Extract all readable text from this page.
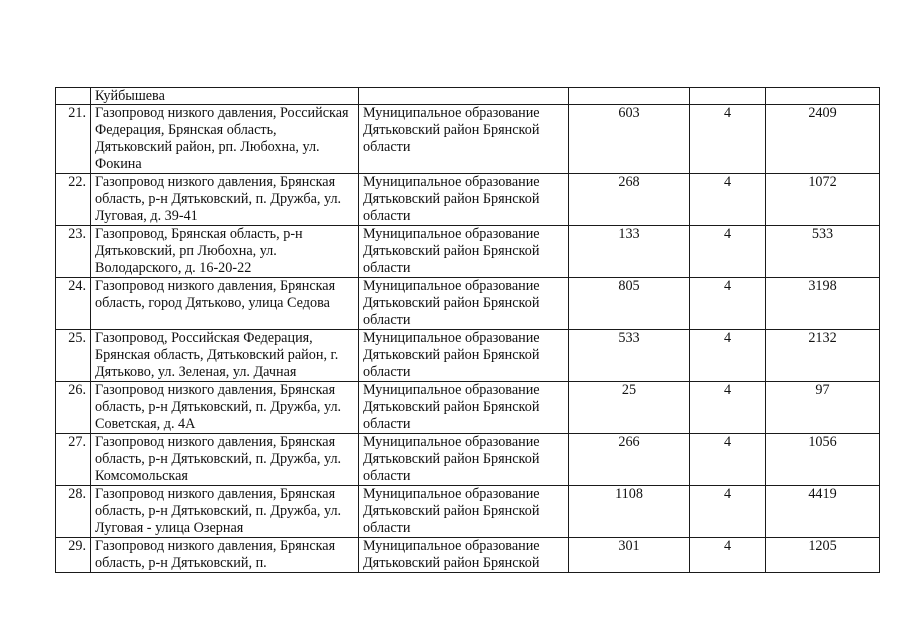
	Куйбышева				
21.	Газопровод низкого давления, Российская Федерация, Брянская область, Дятьковский район, рп. Любохна, ул. Фокина	Муниципальное образование Дятьковский район Брянской области	603	4	2409
22.	Газопровод низкого давления, Брянская область, р-н Дятьковский, п. Дружба, ул. Луговая, д. 39-41	Муниципальное образование Дятьковский район Брянской области	268	4	1072
23.	Газопровод, Брянская область, р-н Дятьковский, рп Любохна, ул. Володарского, д. 16-20-22	Муниципальное образование Дятьковский район Брянской области	133	4	533
24.	Газопровод низкого давления, Брянская область, город Дятьково, улица Седова	Муниципальное образование Дятьковский район Брянской области	805	4	3198
25.	Газопровод, Российская Федерация, Брянская область, Дятьковский район, г. Дятьково, ул. Зеленая, ул. Дачная	Муниципальное образование Дятьковский район Брянской области	533	4	2132
26.	Газопровод низкого давления, Брянская область, р-н Дятьковский, п. Дружба, ул. Советская, д. 4А	Муниципальное образование Дятьковский район Брянской области	25	4	97
27.	Газопровод низкого давления, Брянская область, р-н Дятьковский, п. Дружба, ул. Комсомольская	Муниципальное образование Дятьковский район Брянской области	266	4	1056
28.	Газопровод низкого давления, Брянская область, р-н Дятьковский, п. Дружба, ул. Луговая - улица Озерная	Муниципальное образование Дятьковский район Брянской области	1108	4	4419
29.	Газопровод низкого давления, Брянская область, р-н Дятьковский, п.	Муниципальное образование Дятьковский район Брянской	301	4	1205
